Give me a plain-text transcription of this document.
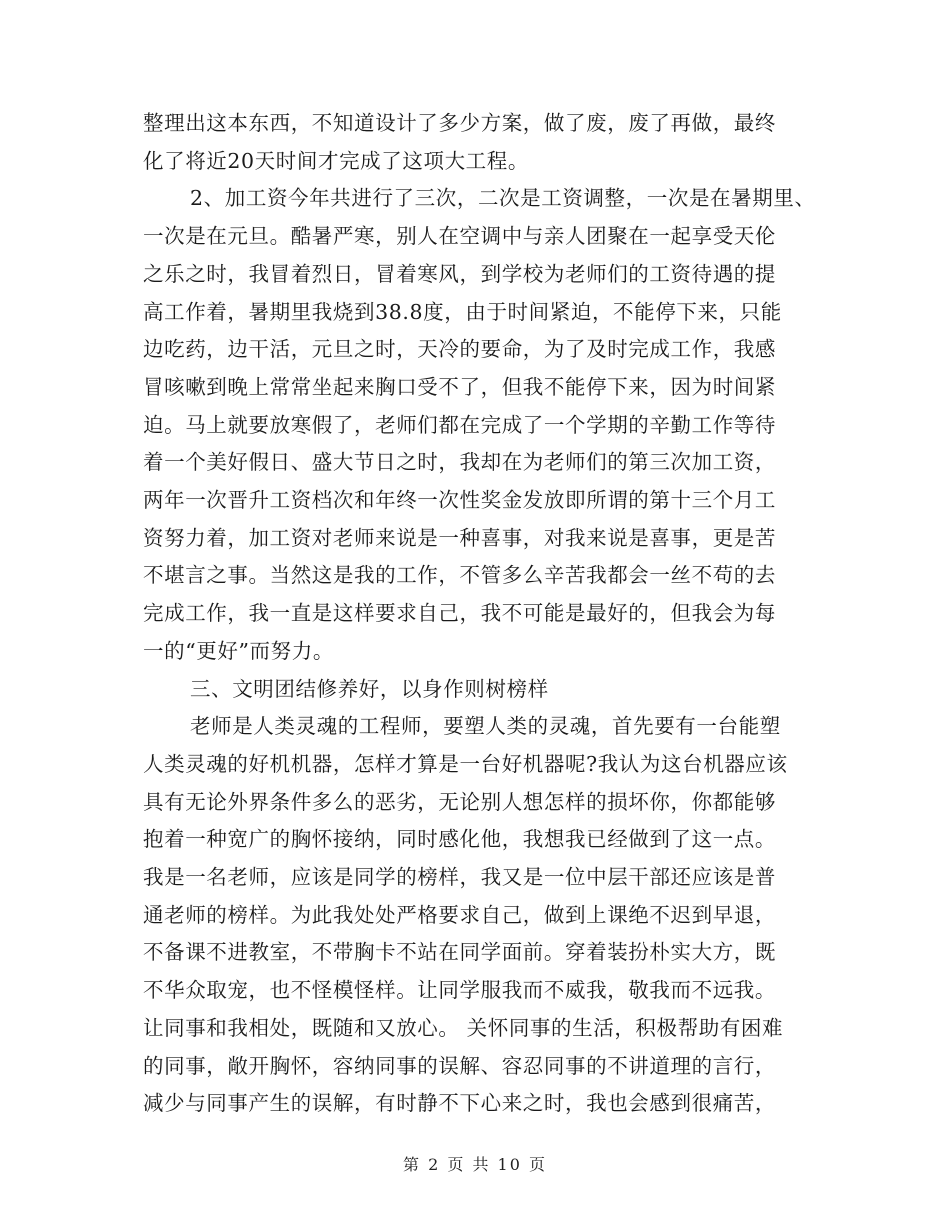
整理出这本东西，不知道设计了多少方案，做了废，废了再做，最终
化了将近20天时间才完成了这项大工程。
2、加工资今年共进行了三次，二次是工资调整，一次是在暑期里、
一次是在元旦。酷暑严寒，别人在空调中与亲人团聚在一起享受天伦
之乐之时，我冒着烈日，冒着寒风，到学校为老师们的工资待遇的提
高工作着，暑期里我烧到38.8度，由于时间紧迫，不能停下来，只能
边吃药，边干活，元旦之时，天冷的要命，为了及时完成工作，我感
冒咳嗽到晚上常常坐起来胸口受不了，但我不能停下来，因为时间紧
迫。马上就要放寒假了，老师们都在完成了一个学期的辛勤工作等待
着一个美好假日、盛大节日之时，我却在为老师们的第三次加工资，
两年一次晋升工资档次和年终一次性奖金发放即所谓的第十三个月工
资努力着，加工资对老师来说是一种喜事，对我来说是喜事，更是苦
不堪言之事。当然这是我的工作，不管多么辛苦我都会一丝不苟的去
完成工作，我一直是这样要求自己，我不可能是最好的，但我会为每
一的“更好”而努力。
三、文明团结修养好，以身作则树榜样
老师是人类灵魂的工程师，要塑人类的灵魂，首先要有一台能塑
人类灵魂的好机机器，怎样才算是一台好机器呢?我认为这台机器应该
具有无论外界条件多么的恶劣，无论别人想怎样的损坏你，你都能够
抱着一种宽广的胸怀接纳，同时感化他，我想我已经做到了这一点。
我是一名老师，应该是同学的榜样，我又是一位中层干部还应该是普
通老师的榜样。为此我处处严格要求自己，做到上课绝不迟到早退，
不备课不进教室，不带胸卡不站在同学面前。穿着装扮朴实大方，既
不华众取宠，也不怪模怪样。让同学服我而不威我，敬我而不远我。
让同事和我相处，既随和又放心。 关怀同事的生活，积极帮助有困难
的同事，敞开胸怀，容纳同事的误解、容忍同事的不讲道理的言行，
第 2 页 共 10 页
减少与同事产生的误解，有时静不下心来之时，我也会感到很痛苦，
